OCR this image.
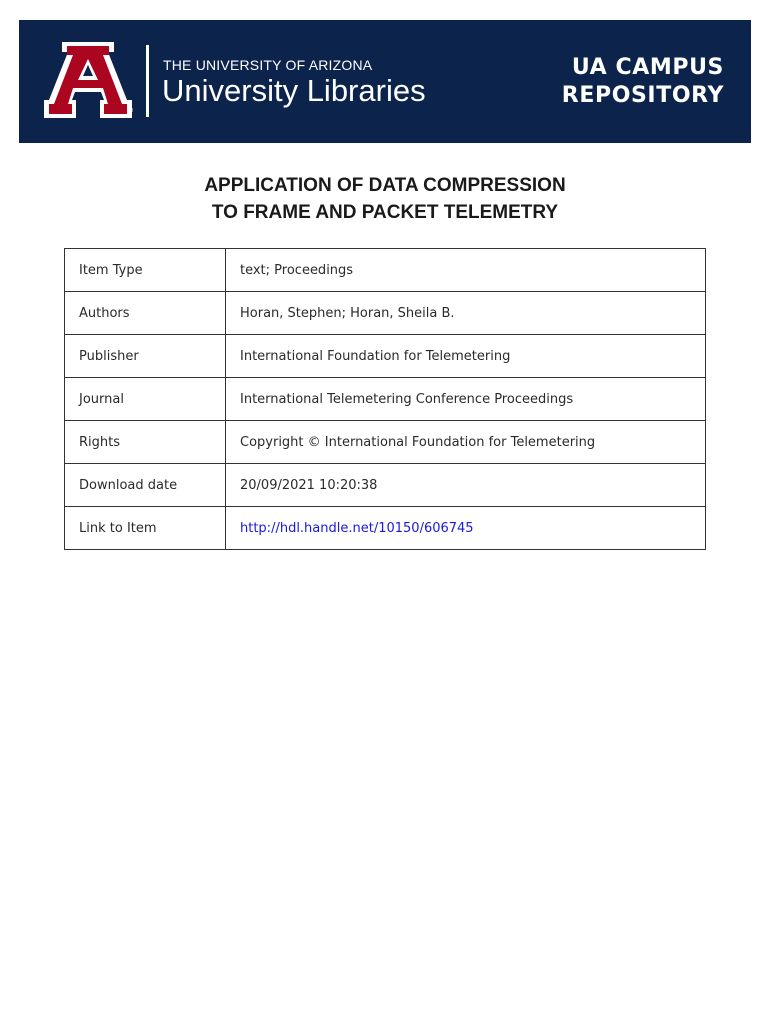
®
THE UNIVERSITY OF ARIZONA
University Libraries
UA CAMPUS
REPOSITORY
APPLICATION OF DATA COMPRESSION
TO FRAME AND PACKET TELEMETRY
Item Type	text; Proceedings
Authors	Horan, Stephen; Horan, Sheila B.
Publisher	International Foundation for Telemetering
Journal	International Telemetering Conference Proceedings
Rights	Copyright © International Foundation for Telemetering
Download date	20/09/2021 10:20:38
Link to Item	http://hdl.handle.net/10150/606745
